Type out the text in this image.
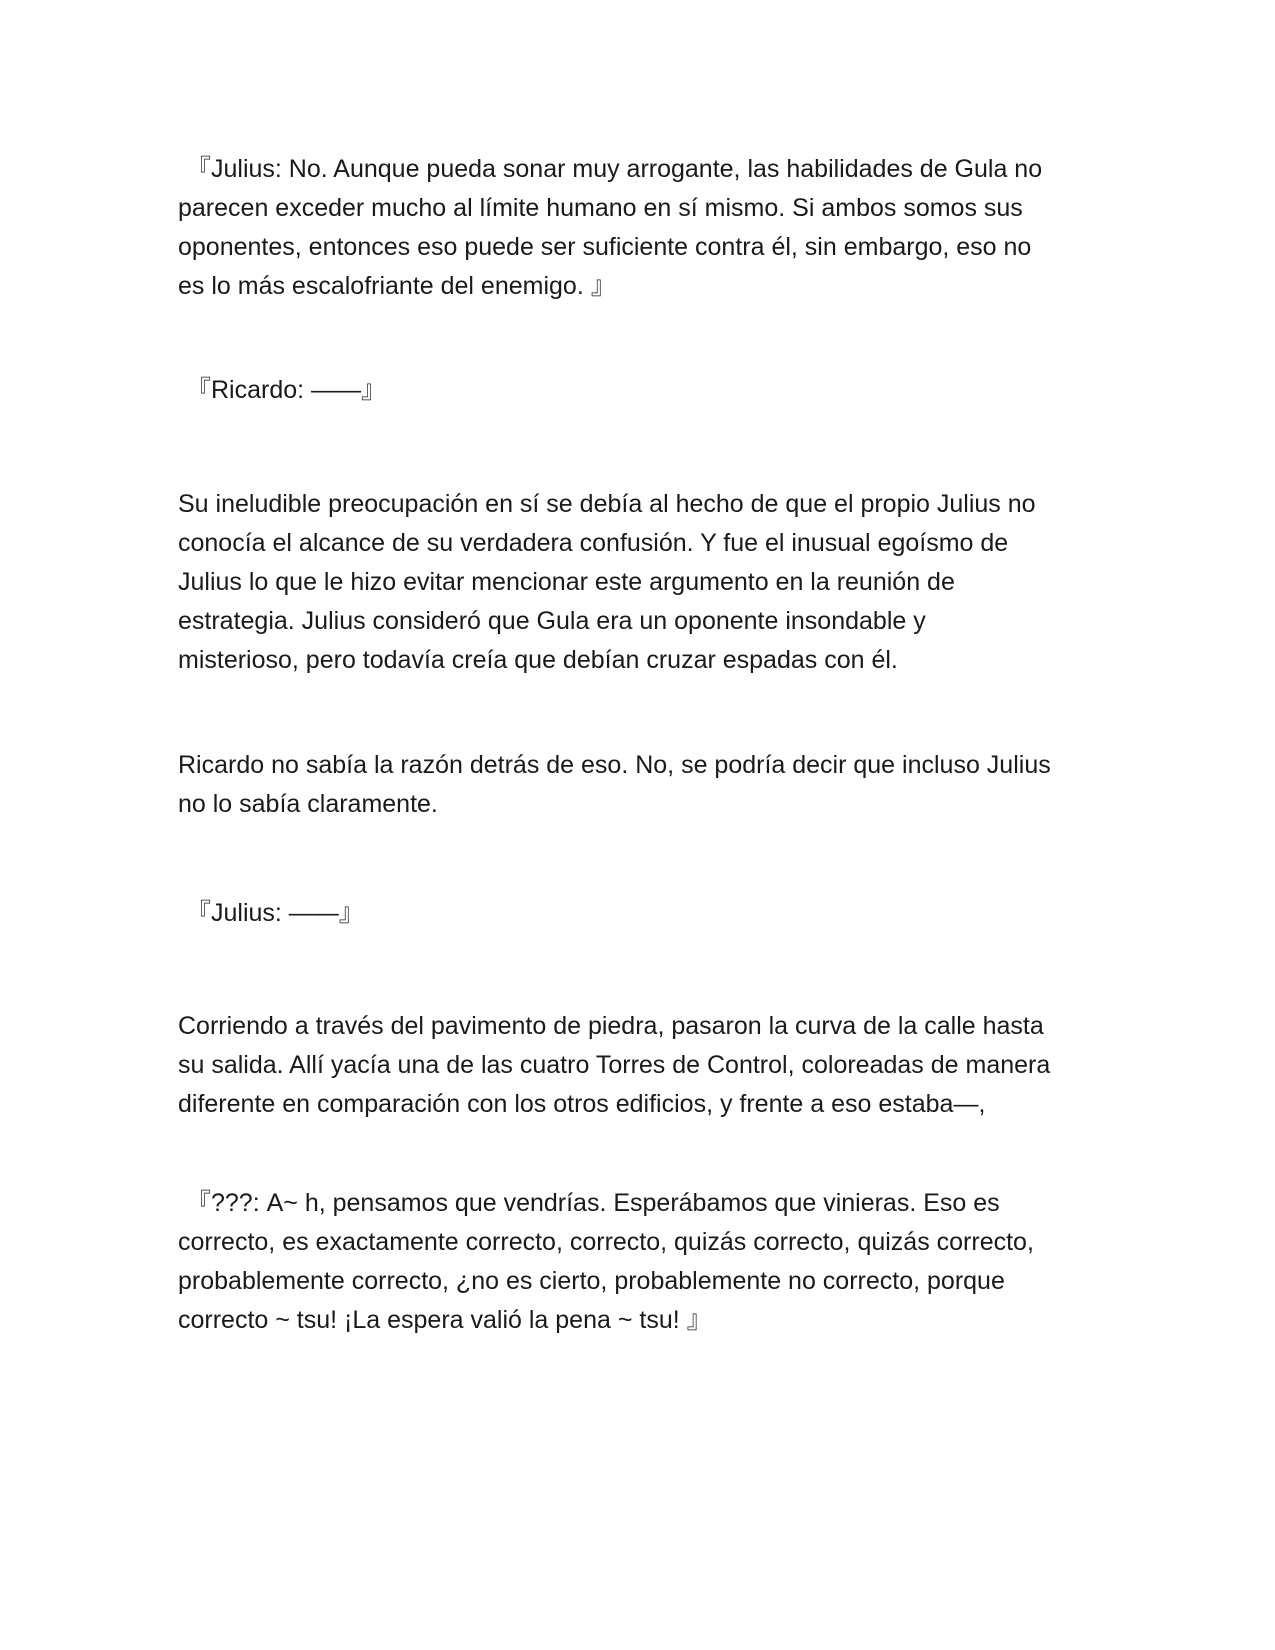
『Julius: No. Aunque pueda sonar muy arrogante, las habilidades de Gula no
parecen exceder mucho al límite humano en sí mismo. Si ambos somos sus
oponentes, entonces eso puede ser suficiente contra él, sin embargo, eso no
es lo más escalofriante del enemigo. 』

『Ricardo: ——』

Su ineludible preocupación en sí se debía al hecho de que el propio Julius no
conocía el alcance de su verdadera confusión. Y fue el inusual egoísmo de
Julius lo que le hizo evitar mencionar este argumento en la reunión de
estrategia. Julius consideró que Gula era un oponente insondable y
misterioso, pero todavía creía que debían cruzar espadas con él.

Ricardo no sabía la razón detrás de eso. No, se podría decir que incluso Julius
no lo sabía claramente.

『Julius: ——』

Corriendo a través del pavimento de piedra, pasaron la curva de la calle hasta
su salida. Allí yacía una de las cuatro Torres de Control, coloreadas de manera
diferente en comparación con los otros edificios, y frente a eso estaba—,

『???: A~ h, pensamos que vendrías. Esperábamos que vinieras. Eso es
correcto, es exactamente correcto, correcto, quizás correcto, quizás correcto,
probablemente correcto, ¿no es cierto, probablemente no correcto, porque
correcto ~ tsu! ¡La espera valió la pena ~ tsu! 』
